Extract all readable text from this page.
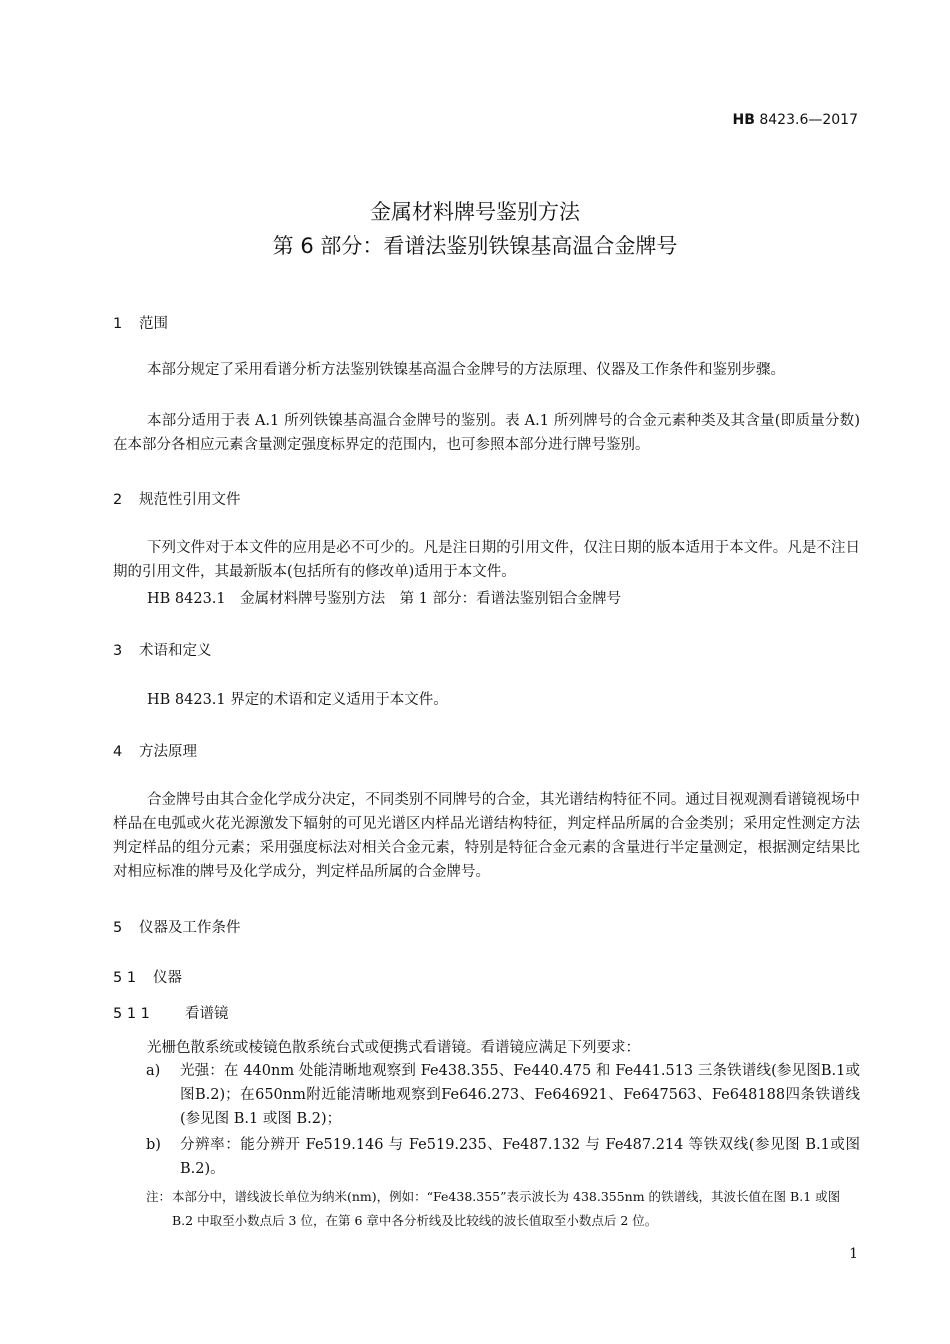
HB 8423.6—2017
金属材料牌号鉴别方法
第 6 部分：看谱法鉴别铁镍基高温合金牌号
1 范围
本部分规定了采用看谱分析方法鉴别铁镍基高温合金牌号的方法原理、仪器及工作条件和鉴别步骤。
本部分适用于表 A.1 所列铁镍基高温合金牌号的鉴别。表 A.1 所列牌号的合金元素种类及其含量(即质量分数)在本部分各相应元素含量测定强度标界定的范围内，也可参照本部分进行牌号鉴别。
2 规范性引用文件
下列文件对于本文件的应用是必不可少的。凡是注日期的引用文件，仅注日期的版本适用于本文件。凡是不注日期的引用文件，其最新版本(包括所有的修改单)适用于本文件。
HB 8423.1　金属材料牌号鉴别方法　第 1 部分：看谱法鉴别铝合金牌号
3 术语和定义
HB 8423.1 界定的术语和定义适用于本文件。
4 方法原理
合金牌号由其合金化学成分决定，不同类别不同牌号的合金，其光谱结构特征不同。通过目视观测看谱镜视场中样品在电弧或火花光源激发下辐射的可见光谱区内样品光谱结构特征，判定样品所属的合金类别；采用定性测定方法判定样品的组分元素；采用强度标法对相关合金元素，特别是特征合金元素的含量进行半定量测定，根据测定结果比对相应标准的牌号及化学成分，判定样品所属的合金牌号。
5 仪器及工作条件
5 1 仪器
5 1 1 看谱镜
光栅色散系统或棱镜色散系统台式或便携式看谱镜。看谱镜应满足下列要求：
a) 光强：在 440nm 处能清晰地观察到 Fe438.355、Fe440.475 和 Fe441.513 三条铁谱线(参见图B.1或图B.2)；在650nm附近能清晰地观察到Fe646.273、Fe646921、Fe647563、Fe648188四条铁谱线(参见图 B.1 或图 B.2)；
b) 分辨率：能分辨开 Fe519.146 与 Fe519.235、Fe487.132 与 Fe487.214 等铁双线(参见图 B.1或图 B.2)。
注： 本部分中，谱线波长单位为纳米(nm)，例如：“Fe438.355”表示波长为 438.355nm 的铁谱线，其波长值在图 B.1 或图 B.2 中取至小数点后 3 位，在第 6 章中各分析线及比较线的波长值取至小数点后 2 位。
1
